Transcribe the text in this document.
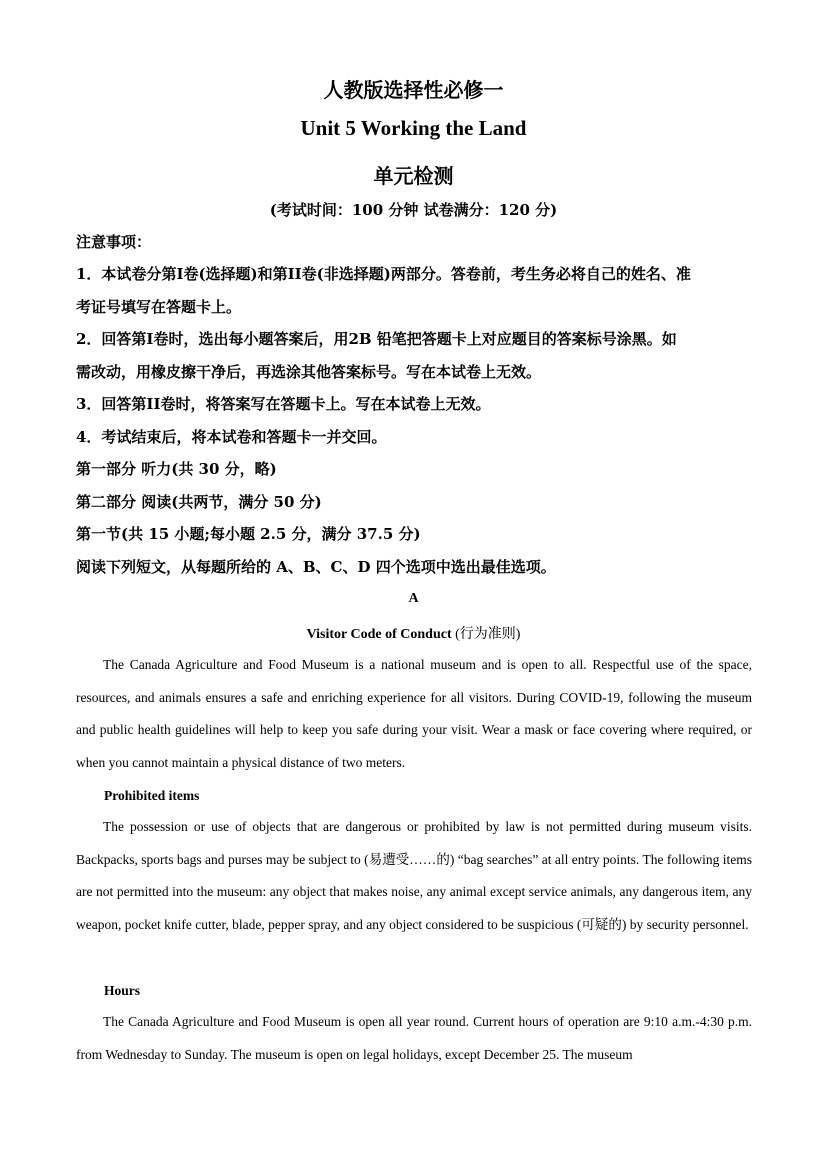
人教版选择性必修一
Unit 5 Working the Land
单元检测
(考试时间：100 分钟 试卷满分：120 分)
注意事项：
1．本试卷分第I卷(选择题)和第II卷(非选择题)两部分。答卷前，考生务必将自己的姓名、准
考证号填写在答题卡上。
2．回答第I卷时，选出每小题答案后，用2B 铅笔把答题卡上对应题目的答案标号涂黑。如
需改动，用橡皮擦干净后，再选涂其他答案标号。写在本试卷上无效。
3．回答第II卷时，将答案写在答题卡上。写在本试卷上无效。
4．考试结束后，将本试卷和答题卡一并交回。
第一部分 听力(共 30 分，略)
第二部分 阅读(共两节，满分 50 分)
第一节(共 15 小题;每小题 2.5 分，满分 37.5 分)
阅读下列短文，从每题所给的 A、B、C、D 四个选项中选出最佳选项。
A
Visitor Code of Conduct (行为准则)

The Canada Agriculture and Food Museum is a national museum and is open to all. Respectful use of the space, resources, and animals ensures a safe and enriching experience for all visitors. During COVID-19, following the museum and public health guidelines will help to keep you safe during your visit. Wear a mask or face covering where required, or when you cannot maintain a physical distance of two meters.

Prohibited items

The possession or use of objects that are dangerous or prohibited by law is not permitted during museum visits. Backpacks, sports bags and purses may be subject to (易遭受……的) “bag searches” at all entry points. The following items are not permitted into the museum: any object that makes noise, any animal except service animals, any dangerous item, any weapon, pocket knife cutter, blade, pepper spray, and any object considered to be suspicious (可疑的) by security personnel.

Hours

The Canada Agriculture and Food Museum is open all year round. Current hours of operation are 9:10 a.m.-4:30 p.m. from Wednesday to Sunday. The museum is open on legal holidays, except December 25. The museum
